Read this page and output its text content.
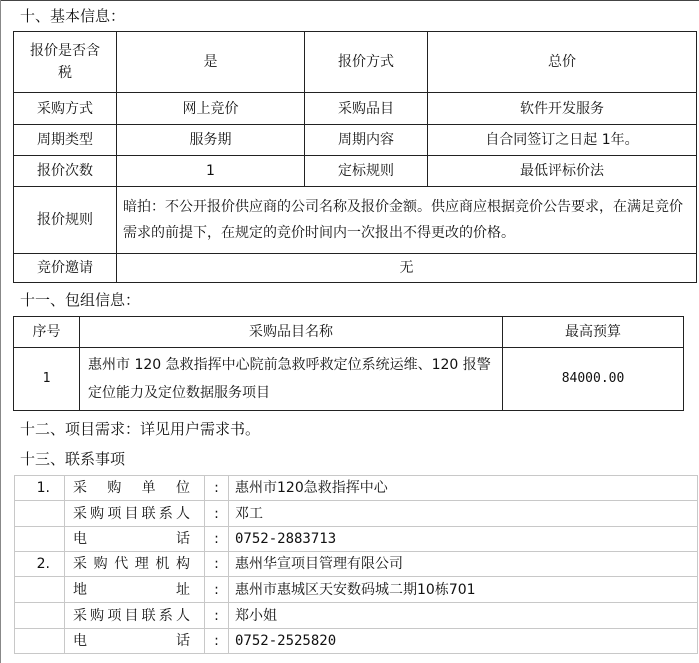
十、基本信息：
报价是否含税	是	报价方式	总价
采购方式	网上竞价	采购品目	软件开发服务
周期类型	服务期	周期内容	自合同签订之日起 1年。
报价次数	1	定标规则	最低评标价法
报价规则	暗拍：不公开报价供应商的公司名称及报价金额。供应商应根据竞价公告要求，在满足竞价需求的前提下，在规定的竞价时间内一次报出不得更改的价格。		
竞价邀请	无		
十一、包组信息：
序号	采购品目名称	最高预算
1	惠州市 120 急救指挥中心院前急救呼救定位系统运维、120 报警定位能力及定位数据服务项目	84000.00
十二、项目需求：详见用户需求书。
十三、联系事项
1.	采购单位	:	惠州市120急救指挥中心
	采购项目联系人	:	邓工
	电话	:	0752-2883713
2.	采购代理机构	:	惠州华宣项目管理有限公司
	地址	:	惠州市惠城区天安数码城二期10栋701
	采购项目联系人	:	郑小姐
	电话	:	0752-2525820
